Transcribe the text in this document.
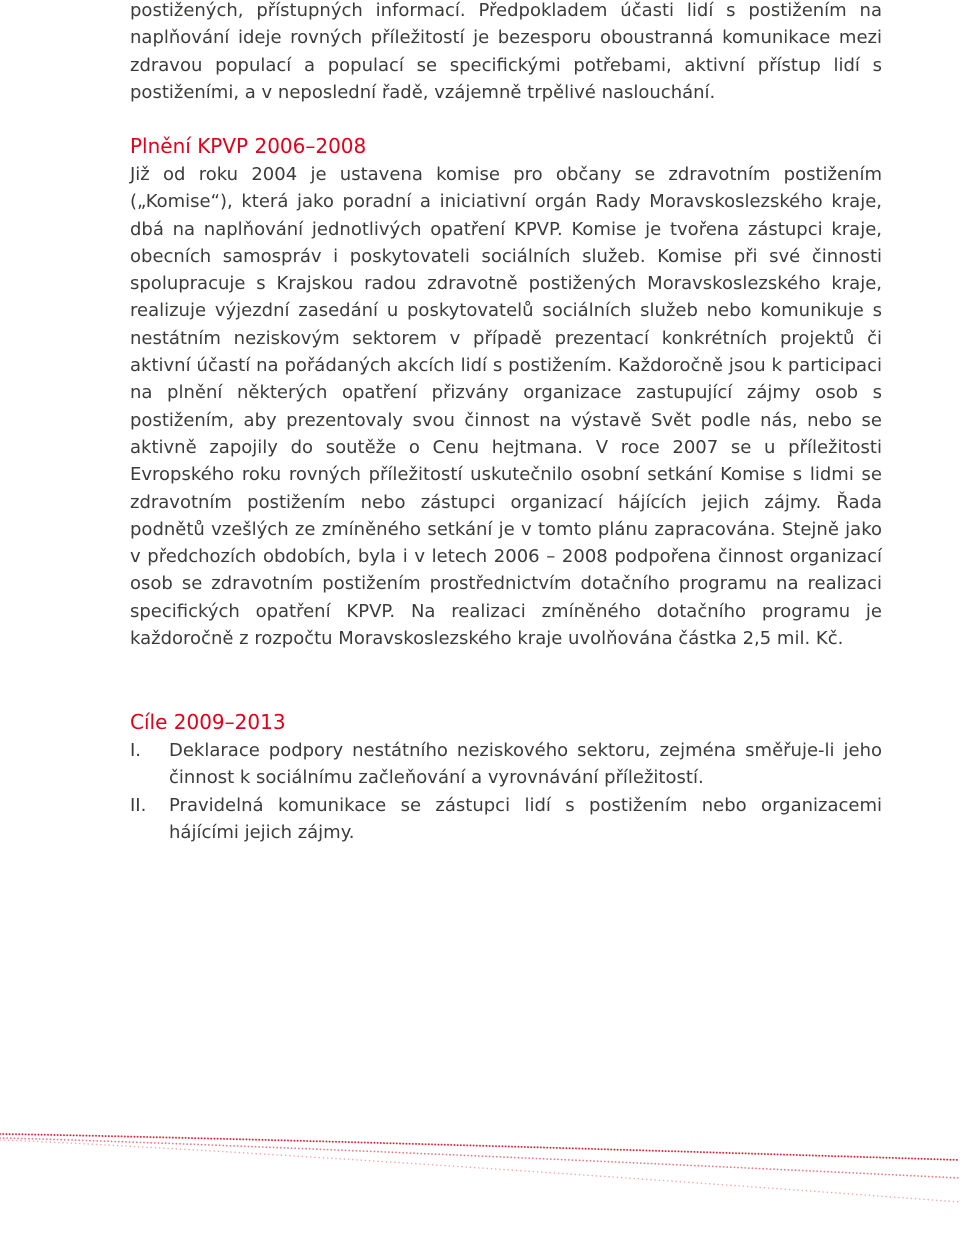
postižených, přístupných informací. Předpokladem účasti lidí s postižením na naplňování ideje rovných příležitostí je bezesporu oboustranná komunikace mezi zdravou populací a populací se specifickými potřebami, aktivní přístup lidí s postiženími, a v neposlední řadě, vzájemně trpělivé naslouchání.

Plnění KPVP 2006–2008

Již od roku 2004 je ustavena komise pro občany se zdravotním postižením („Komise“), která jako poradní a iniciativní orgán Rady Moravskoslezského kraje, dbá na naplňování jednotlivých opatření KPVP. Komise je tvořena zástupci kraje, obecních samospráv i poskytovateli sociálních služeb. Komise při své činnosti spolupracuje s Krajskou radou zdravotně postižených Moravskoslezského kraje, realizuje výjezdní zasedání u poskytovatelů sociálních služeb nebo komunikuje s nestátním neziskovým sektorem v případě prezentací konkrétních projektů či aktivní účastí na pořádaných akcích lidí s postižením. Každoročně jsou k participaci na plnění některých opatření přizvány organizace zastupující zájmy osob s postižením, aby prezentovaly svou činnost na výstavě Svět podle nás, nebo se aktivně zapojily do soutěže o Cenu hejtmana. V roce 2007 se u příležitosti Evropského roku rovných příležitostí uskutečnilo osobní setkání Komise s lidmi se zdravotním postižením nebo zástupci organizací hájících jejich zájmy. Řada podnětů vzešlých ze zmíněného setkání je v tomto plánu zapracována. Stejně jako v předchozích obdobích, byla i v letech 2006 – 2008 podpořena činnost organizací osob se zdravotním postižením prostřednictvím dotačního programu na realizaci specifických opatření KPVP. Na realizaci zmíněného dotačního programu je každoročně z rozpočtu Moravskoslezského kraje uvolňována částka 2,5 mil. Kč.

Cíle 2009–2013
I. Deklarace podpory nestátního neziskového sektoru, zejména směřuje-li jeho činnost k sociálnímu začleňování a vyrovnávání příležitostí.
II. Pravidelná komunikace se zástupci lidí s postižením nebo organizacemi hájícími jejich zájmy.
